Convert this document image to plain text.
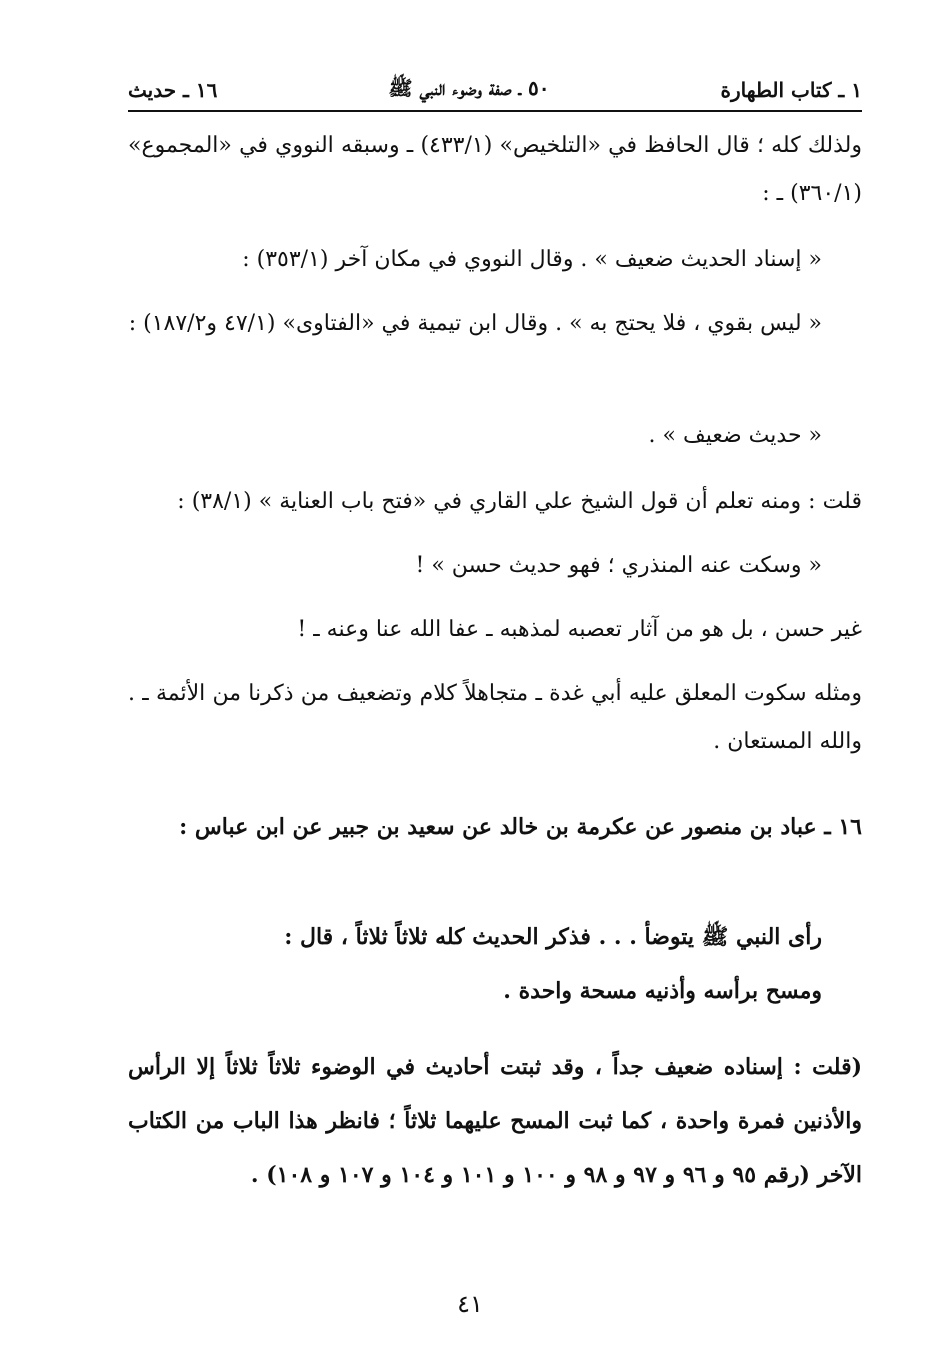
١ ـ كتاب الطهارة
٥٠ ـ صفة وضوء النبي ﷺ
١٦ ـ حديث

ولذلك كله ؛ قال الحافظ في «التلخيص» (٤٣٣/١) ـ وسبقه النووي في «المجموع» (٣٦٠/١) ـ :

« إسناد الحديث ضعيف » . وقال النووي في مكان آخر (٣٥٣/١) :

« ليس بقوي ، فلا يحتج به » . وقال ابن تيمية في «الفتاوى» (٤٧/١ و١٨٧/٢) :

« حديث ضعيف » .

قلت : ومنه تعلم أن قول الشيخ علي القاري في «فتح باب العناية » (٣٨/١) :

« وسكت عنه المنذري ؛ فهو حديث حسن » !

غير حسن ، بل هو من آثار تعصبه لمذهبه ـ عفا الله عنا وعنه ـ !

ومثله سكوت المعلق عليه أبي غدة ـ متجاهلاً كلام وتضعيف من ذكرنا من الأئمة ـ . والله المستعان .

١٦ ـ عباد بن منصور عن عكرمة بن خالد عن سعيد بن جبير عن ابن عباس :

رأى النبي ﷺ يتوضأ . . . فذكر الحديث كله ثلاثاً ثلاثاً ، قال :

ومسح برأسه وأذنيه مسحة واحدة .

(قلت : إسناده ضعيف جداً ، وقد ثبتت أحاديث في الوضوء ثلاثاً ثلاثاً إلا الرأس والأذنين فمرة واحدة ، كما ثبت المسح عليهما ثلاثاً ؛ فانظر هذا الباب من الكتاب الآخر (رقم ٩٥ و ٩٦ و ٩٧ و ٩٨ و ١٠٠ و ١٠١ و ١٠٤ و ١٠٧ و ١٠٨) .

٤١
